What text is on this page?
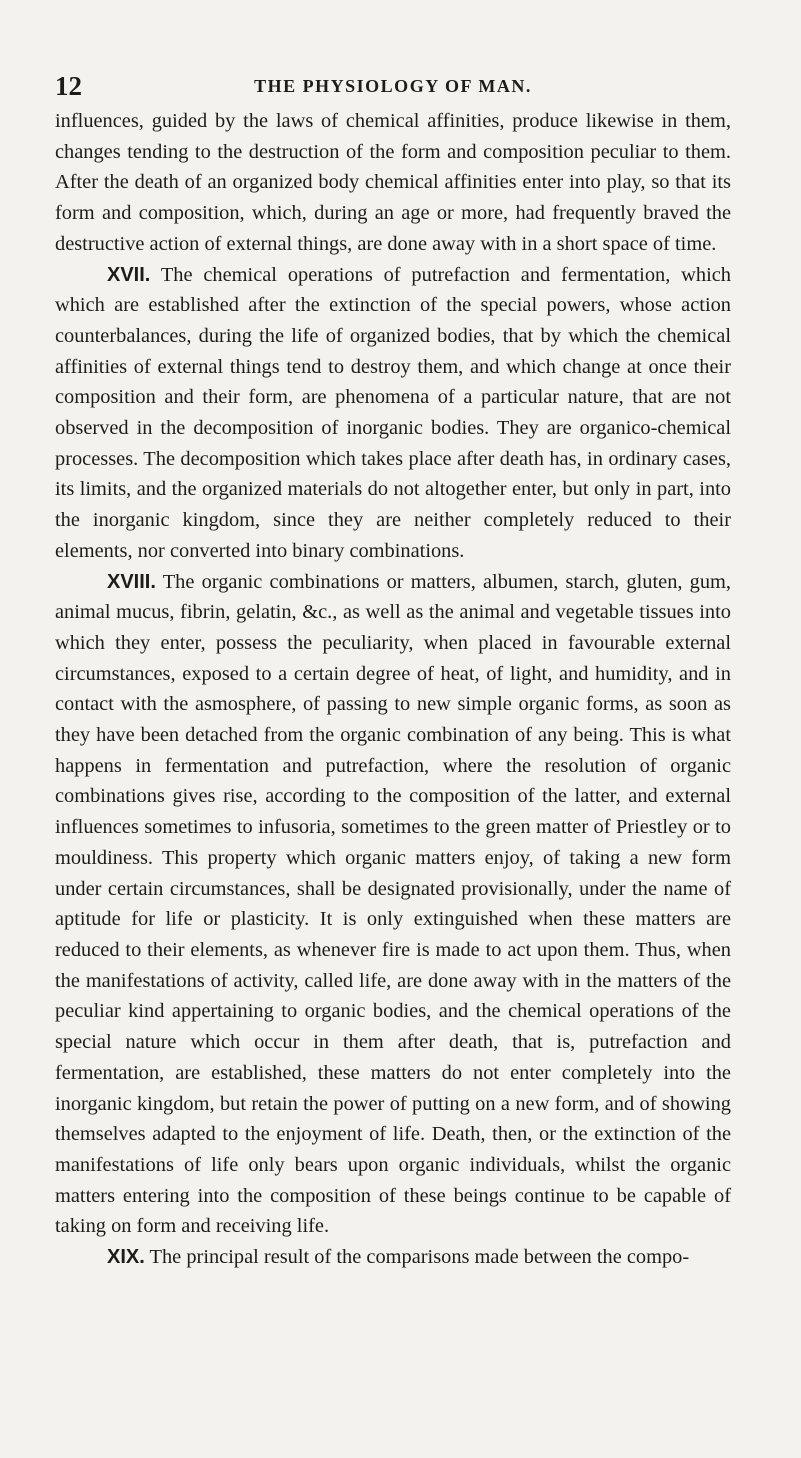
12	THE PHYSIOLOGY OF MAN.

influences, guided by the laws of chemical affinities, produce likewise in them, changes tending to the destruction of the form and composition peculiar to them. After the death of an organized body chemical affinities enter into play, so that its form and composition, which, during an age or more, had frequently braved the destructive action of external things, are done away with in a short space of time.

XVII. The chemical operations of putrefaction and fermentation, which which are established after the extinction of the special powers, whose action counterbalances, during the life of organized bodies, that by which the chemical affinities of external things tend to destroy them, and which change at once their composition and their form, are phenomena of a particular nature, that are not observed in the decomposition of inorganic bodies. They are organico-chemical processes. The decomposition which takes place after death has, in ordinary cases, its limits, and the organized materials do not altogether enter, but only in part, into the inorganic kingdom, since they are neither completely reduced to their elements, nor converted into binary combinations.

XVIII. The organic combinations or matters, albumen, starch, gluten, gum, animal mucus, fibrin, gelatin, &c., as well as the animal and vegetable tissues into which they enter, possess the peculiarity, when placed in favourable external circumstances, exposed to a certain degree of heat, of light, and humidity, and in contact with the asmosphere, of passing to new simple organic forms, as soon as they have been detached from the organic combination of any being. This is what happens in fermentation and putrefaction, where the resolution of organic combinations gives rise, according to the composition of the latter, and external influences sometimes to infusoria, sometimes to the green matter of Priestley or to mouldiness. This property which organic matters enjoy, of taking a new form under certain circumstances, shall be designated provisionally, under the name of aptitude for life or plasticity. It is only extinguished when these matters are reduced to their elements, as whenever fire is made to act upon them. Thus, when the manifestations of activity, called life, are done away with in the matters of the peculiar kind appertaining to organic bodies, and the chemical operations of the special nature which occur in them after death, that is, putrefaction and fermentation, are established, these matters do not enter completely into the inorganic kingdom, but retain the power of putting on a new form, and of showing themselves adapted to the enjoyment of life. Death, then, or the extinction of the manifestations of life only bears upon organic individuals, whilst the organic matters entering into the composition of these beings continue to be capable of taking on form and receiving life.

XIX. The principal result of the comparisons made between the compo-
